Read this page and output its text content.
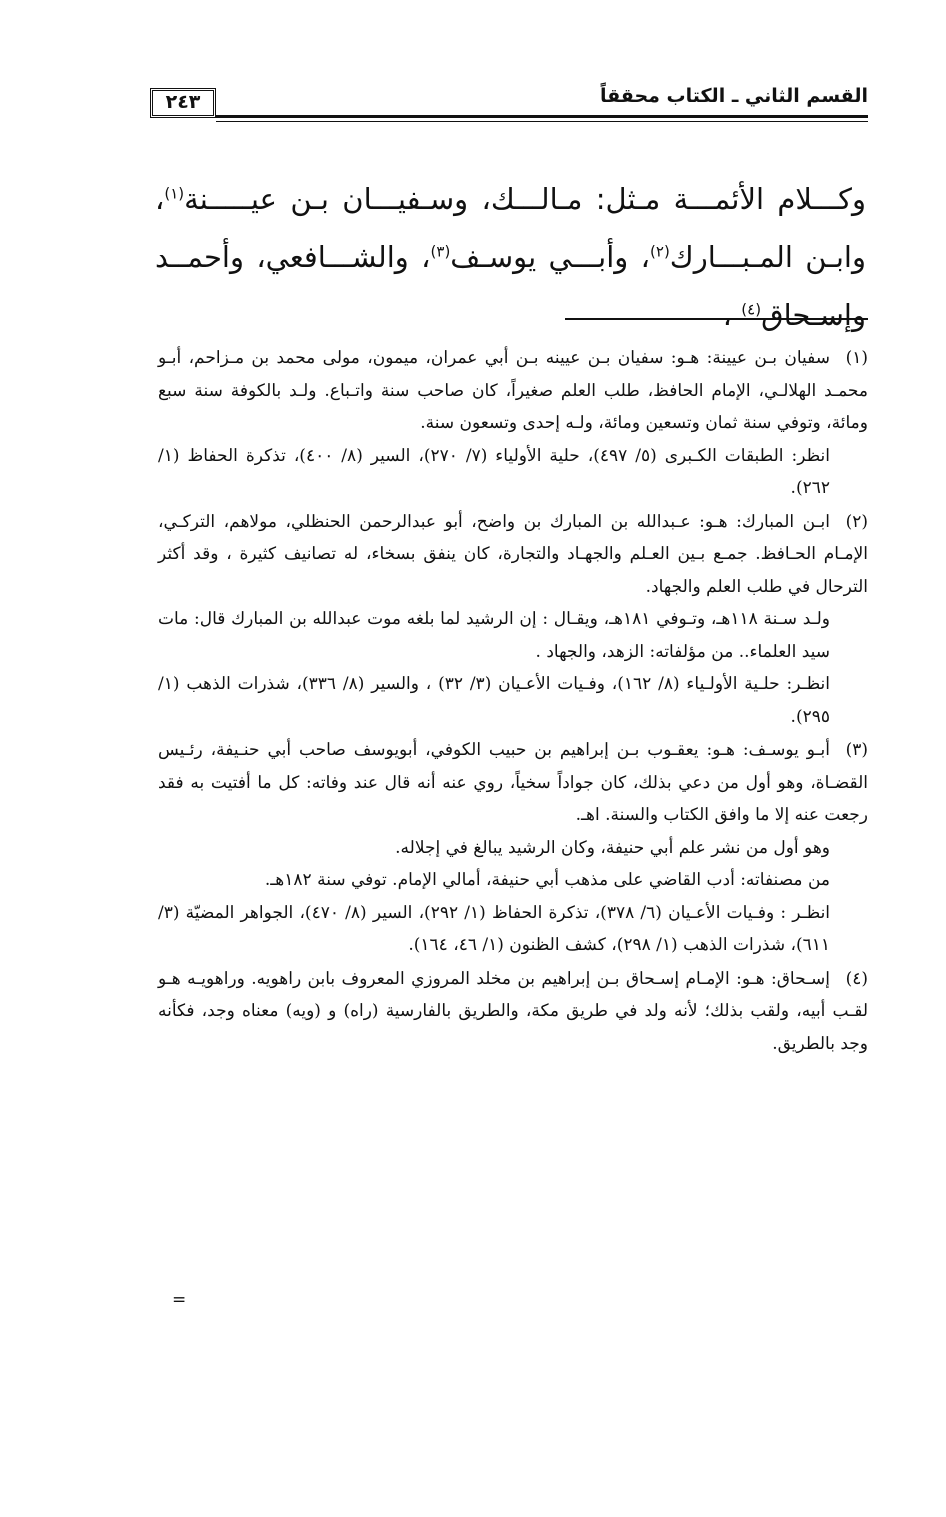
القسم الثاني ـ الكتاب محققاً
٢٤٣
وكـــلام الأئمـــة مـثل: مـالـــك، وسـفيـــان بـن عيـــــنة$^{(١)}$، وابـن المـبـــارك$^{(٢)}$، وأبـــي يوسـف$^{(٣)}$، والشـــافعي، وأحمــد وإسـحاق$^{(٤)}$ ،

(١)سفيان بـن عيينة: هـو: سفيان بـن عيينه بـن أبي عمران، ميمون، مولى محمد بن مـزاحم، أبـو محمـد الهلالـي، الإمام الحافظ، طلب العلم صغيراً، كان صاحب سنة واتـباع. ولـد بالكوفة سنة سبع ومائة، وتوفي سنة ثمان وتسعين ومائة، ولـه إحدى وتسعون سنة.

انظر: الطبقات الكـبرى (٥/ ٤٩٧)، حلية الأولياء (٧/ ٢٧٠)، السير (٨/ ٤٠٠)، تذكرة الحفاظ (١/ ٢٦٢).

(٢)ابـن المبارك: هـو: عـبدالله بن المبارك بن واضح، أبو عبدالرحمن الحنظلي، مولاهم، التركـي، الإمـام الحـافظ. جمـع بـين العـلم والجهـاد والتجارة، كان ينفق بسخاء، له تصانيف كثيرة ، وقد أكثر الترحال في طلب العلم والجهاد.

ولـد سـنة ١١٨هـ، وتـوفي ١٨١هـ، ويقـال : إن الرشيد لما بلغه موت عبدالله بن المبارك قال: مات سيد العلماء.. من مؤلفاته: الزهد، والجهاد .

انظـر: حلـية الأولـياء (٨/ ١٦٢)، وفـيات الأعـيان (٣/ ٣٢) ، والسير (٨/ ٣٣٦)، شذرات الذهب (١/ ٢٩٥).

(٣)أبـو يوسـف: هـو: يعقـوب بـن إبراهيم بن حبيب الكوفي، أبويوسف صاحب أبي حنـيفة، رئـيس القضـاة، وهو أول من دعي بذلك، كان جواداً سخياً، روي عنه أنه قال عند وفاته: كل ما أفتيت به فقد رجعت عنه إلا ما وافق الكتاب والسنة. اهـ.

وهو أول من نشر علم أبي حنيفة، وكان الرشيد يبالغ في إجلاله.

من مصنفاته: أدب القاضي على مذهب أبي حنيفة، أمالي الإمام. توفي سنة ١٨٢هـ.

انظـر : وفـيات الأعـيان (٦/ ٣٧٨)، تذكرة الحفاظ (١/ ٢٩٢)، السير (٨/ ٤٧٠)، الجواهر المضيّة (٣/ ٦١١)، شذرات الذهب (١/ ٢٩٨)، كشف الظنون (١/ ٤٦، ١٦٤).

(٤)إسـحاق: هـو: الإمـام إسـحاق بـن إبراهيم بن مخلد المروزي المعروف بابن راهويه. وراهويـه هـو لقـب أبيه، ولقب بذلك؛ لأنه ولد في طريق مكة، والطريق بالفارسية (راه) و (ويه) معناه وجد، فكأنه وجد بالطريق.

=
